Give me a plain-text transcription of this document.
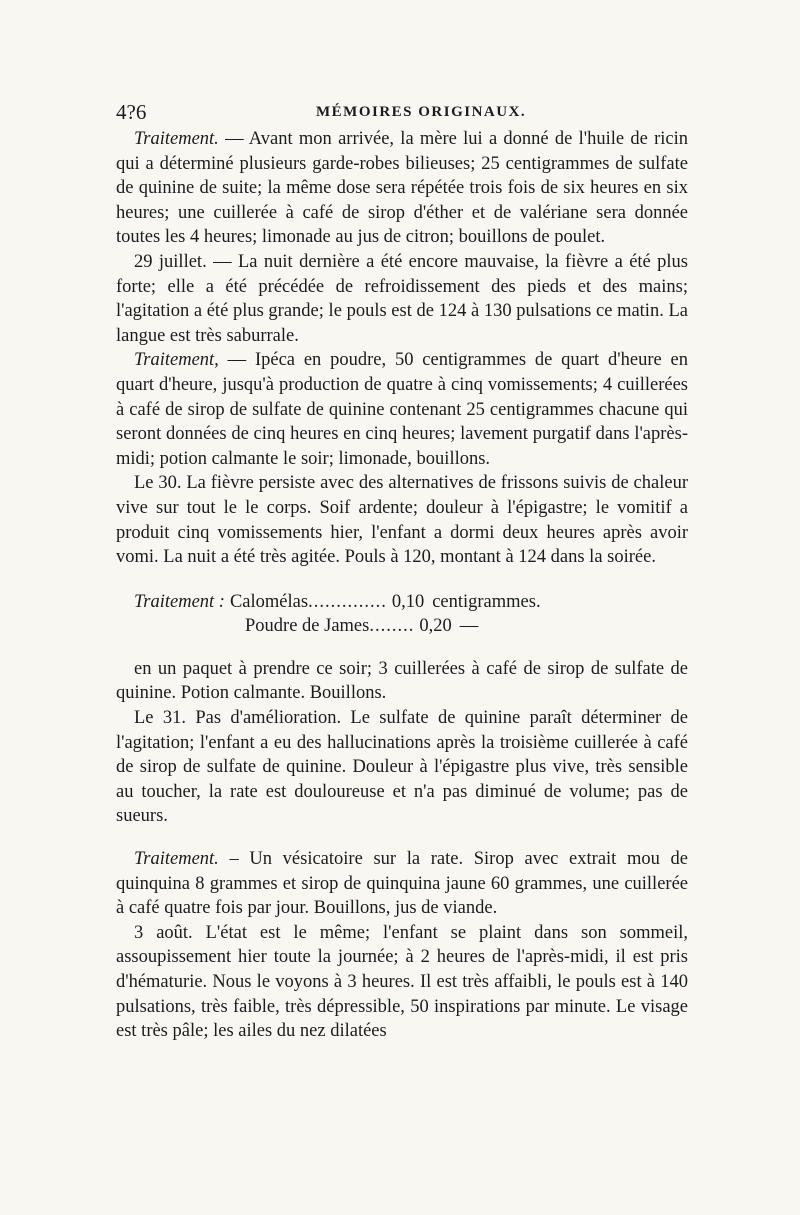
4?6	MÉMOIRES ORIGINAUX.

Traitement. — Avant mon arrivée, la mère lui a donné de l'huile de ricin qui a déterminé plusieurs garde-robes bilieuses; 25 centigrammes de sulfate de quinine de suite; la même dose sera répétée trois fois de six heures en six heures; une cuillerée à café de sirop d'éther et de valériane sera donnée toutes les 4 heures; limonade au jus de citron; bouillons de poulet.

29 juillet. — La nuit dernière a été encore mauvaise, la fièvre a été plus forte; elle a été précédée de refroidissement des pieds et des mains; l'agitation a été plus grande; le pouls est de 124 à 130 pulsations ce matin. La langue est très saburrale.

Traitement, — Ipéca en poudre, 50 centigrammes de quart d'heure en quart d'heure, jusqu'à production de quatre à cinq vomissements; 4 cuillerées à café de sirop de sulfate de quinine contenant 25 centigrammes chacune qui seront données de cinq heures en cinq heures; lavement purgatif dans l'après-midi; potion calmante le soir; limonade, bouillons.

Le 30. La fièvre persiste avec des alternatives de frissons suivis de chaleur vive sur tout le le corps. Soif ardente; douleur à l'épigastre; le vomitif a produit cinq vomissements hier, l'enfant a dormi deux heures après avoir vomi. La nuit a été très agitée. Pouls à 120, montant à 124 dans la soirée.

Traitement : Calomélas .............. 0,10 centigrammes.
Poudre de James ........ 0,20 —

en un paquet à prendre ce soir; 3 cuillerées à café de sirop de sulfate de quinine. Potion calmante. Bouillons.

Le 31. Pas d'amélioration. Le sulfate de quinine paraît déterminer de l'agitation; l'enfant a eu des hallucinations après la troisième cuillerée à café de sirop de sulfate de quinine. Douleur à l'épigastre plus vive, très sensible au toucher, la rate est douloureuse et n'a pas diminué de volume; pas de sueurs.

Traitement. – Un vésicatoire sur la rate. Sirop avec extrait mou de quinquina 8 grammes et sirop de quinquina jaune 60 grammes, une cuillerée à café quatre fois par jour. Bouillons, jus de viande.

3 août. L'état est le même; l'enfant se plaint dans son sommeil, assoupissement hier toute la journée; à 2 heures de l'après-midi, il est pris d'hématurie. Nous le voyons à 3 heures. Il est très affaibli, le pouls est à 140 pulsations, très faible, très dépressible, 50 inspirations par minute. Le visage est très pâle; les ailes du nez dilatées
